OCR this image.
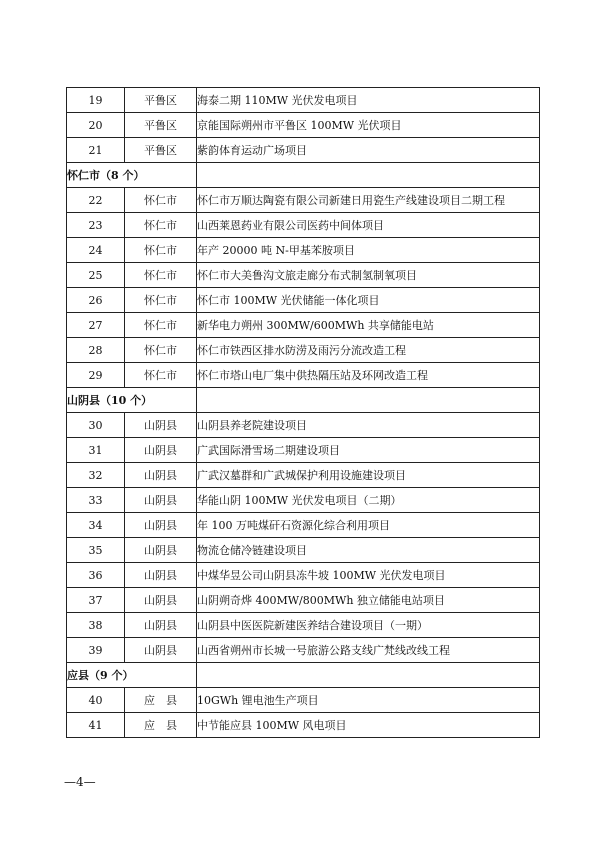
19	平鲁区	海泰二期 110MW 光伏发电项目
20	平鲁区	京能国际朔州市平鲁区 100MW 光伏项目
21	平鲁区	紫韵体育运动广场项目
怀仁市（8 个）		
22	怀仁市	怀仁市万顺达陶瓷有限公司新建日用瓷生产线建设项目二期工程
23	怀仁市	山西莱恩药业有限公司医药中间体项目
24	怀仁市	年产 20000 吨 N-甲基苯胺项目
25	怀仁市	怀仁市大美鲁沟文旅走廊分布式制氢制氧项目
26	怀仁市	怀仁市 100MW 光伏储能一体化项目
27	怀仁市	新华电力朔州 300MW/600MWh 共享储能电站
28	怀仁市	怀仁市铁西区排水防涝及雨污分流改造工程
29	怀仁市	怀仁市塔山电厂集中供热隔压站及环网改造工程
山阴县（10 个）		
30	山阴县	山阴县养老院建设项目
31	山阴县	广武国际滑雪场二期建设项目
32	山阴县	广武汉墓群和广武城保护利用设施建设项目
33	山阴县	华能山阴 100MW 光伏发电项目（二期）
34	山阴县	年 100 万吨煤矸石资源化综合利用项目
35	山阴县	物流仓储冷链建设项目
36	山阴县	中煤华昱公司山阴县冻牛坡 100MW 光伏发电项目
37	山阴县	山阴朔奇烨 400MW/800MWh 独立储能电站项目
38	山阴县	山阴县中医医院新建医养结合建设项目（一期）
39	山阴县	山西省朔州市长城一号旅游公路支线广梵线改线工程
应县（9 个）		
40	应　县	10GWh 锂电池生产项目
41	应　县	中节能应县 100MW 风电项目
—4—
